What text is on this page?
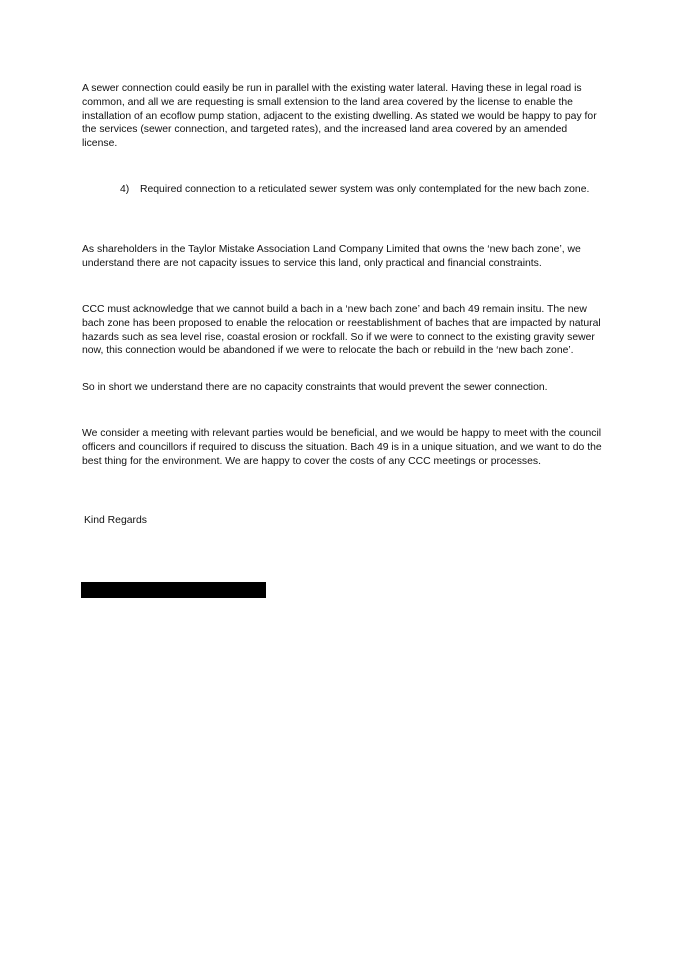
A sewer connection could easily be run in parallel with the existing water lateral. Having these in legal road is common, and all we are requesting is small extension to the land area covered by the license to enable the installation of an ecoflow pump station, adjacent to the existing dwelling. As stated we would be happy to pay for the services (sewer connection, and targeted rates), and the increased land area covered by an amended license.

4) Required connection to a reticulated sewer system was only contemplated for the new bach zone.

As shareholders in the Taylor Mistake Association Land Company Limited that owns the ‘new bach zone’, we understand there are not capacity issues to service this land, only practical and financial constraints.

CCC must acknowledge that we cannot build a bach in a ‘new bach zone’ and bach 49 remain insitu. The new bach zone has been proposed to enable the relocation or reestablishment of baches that are impacted by natural hazards such as sea level rise, coastal erosion or rockfall. So if we were to connect to the existing gravity sewer now, this connection would be abandoned if we were to relocate the bach or rebuild in the ‘new bach zone’.

So in short we understand there are no capacity constraints that would prevent the sewer connection.

We consider a meeting with relevant parties would be beneficial, and we would be happy to meet with the council officers and councillors if required to discuss the situation. Bach 49 is in a unique situation, and we want to do the best thing for the environment. We are happy to cover the costs of any CCC meetings or processes.

Kind Regards
